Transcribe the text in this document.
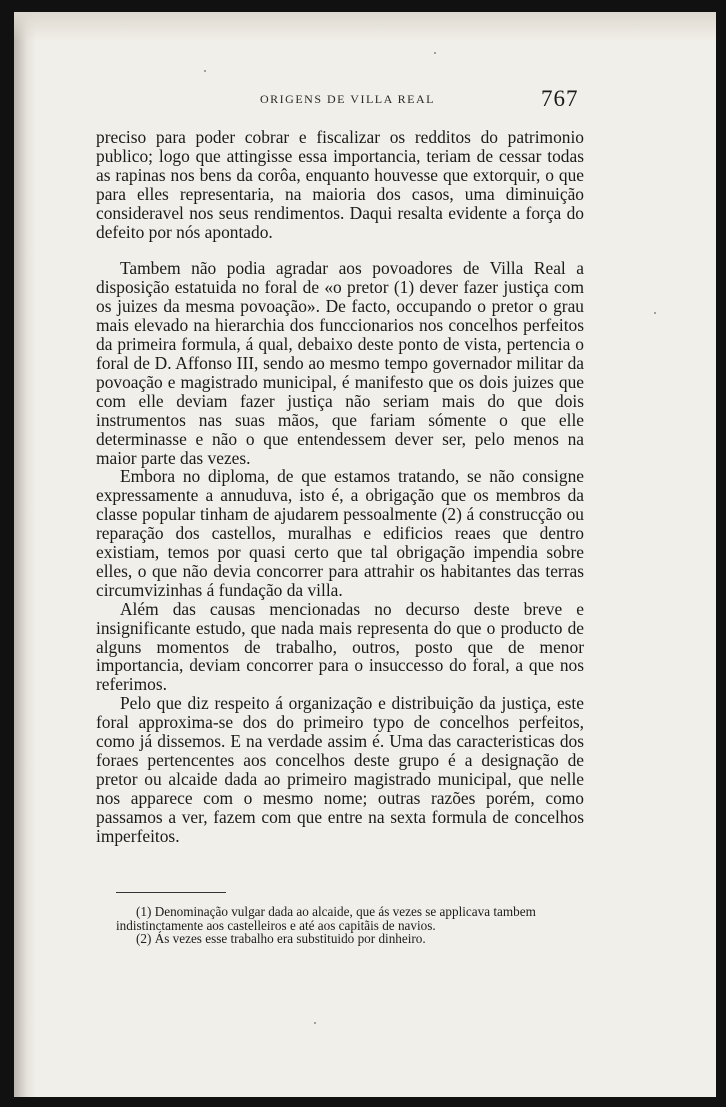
ORIGENS DE VILLA REAL	767

preciso para poder cobrar e fiscalizar os redditos do patrimonio publico; logo que attingisse essa importancia, teriam de cessar todas as rapinas nos bens da corôa, enquanto houvesse que extorquir, o que para elles representaria, na maioria dos casos, uma diminuição consideravel nos seus rendimentos. Daqui resalta evidente a força do defeito por nós apontado.

Tambem não podia agradar aos povoadores de Villa Real a disposição estatuida no foral de «o pretor (1) dever fazer justiça com os juizes da mesma povoação». De facto, occupando o pretor o grau mais elevado na hierarchia dos funccionarios nos concelhos perfeitos da primeira formula, á qual, debaixo deste ponto de vista, pertencia o foral de D. Affonso III, sendo ao mesmo tempo governador militar da povoação e magistrado municipal, é manifesto que os dois juizes que com elle deviam fazer justiça não seriam mais do que dois instrumentos nas suas mãos, que fariam sómente o que elle determinasse e não o que entendessem dever ser, pelo menos na maior parte das vezes.

Embora no diploma, de que estamos tratando, se não consigne expressamente a annuduva, isto é, a obrigação que os membros da classe popular tinham de ajudarem pessoalmente (2) á construcção ou reparação dos castellos, muralhas e edificios reaes que dentro existiam, temos por quasi certo que tal obrigação impendia sobre elles, o que não devia concorrer para attrahir os habitantes das terras circumvizinhas á fundação da villa.

Além das causas mencionadas no decurso deste breve e insignificante estudo, que nada mais representa do que o producto de alguns momentos de trabalho, outros, posto que de menor importancia, deviam concorrer para o insuccesso do foral, a que nos referimos.

Pelo que diz respeito á organização e distribuição da justiça, este foral approxima-se dos do primeiro typo de concelhos perfeitos, como já dissemos. E na verdade assim é. Uma das caracteristicas dos foraes pertencentes aos concelhos deste grupo é a designação de pretor ou alcaide dada ao primeiro magistrado municipal, que nelle nos apparece com o mesmo nome; outras razões porém, como passamos a ver, fazem com que entre na sexta formula de concelhos imperfeitos.

(1) Denominação vulgar dada ao alcaide, que ás vezes se applicava tambem indistinctamente aos castelleiros e até aos capitãis de navios.

(2) Ás vezes esse trabalho era substituido por dinheiro.
